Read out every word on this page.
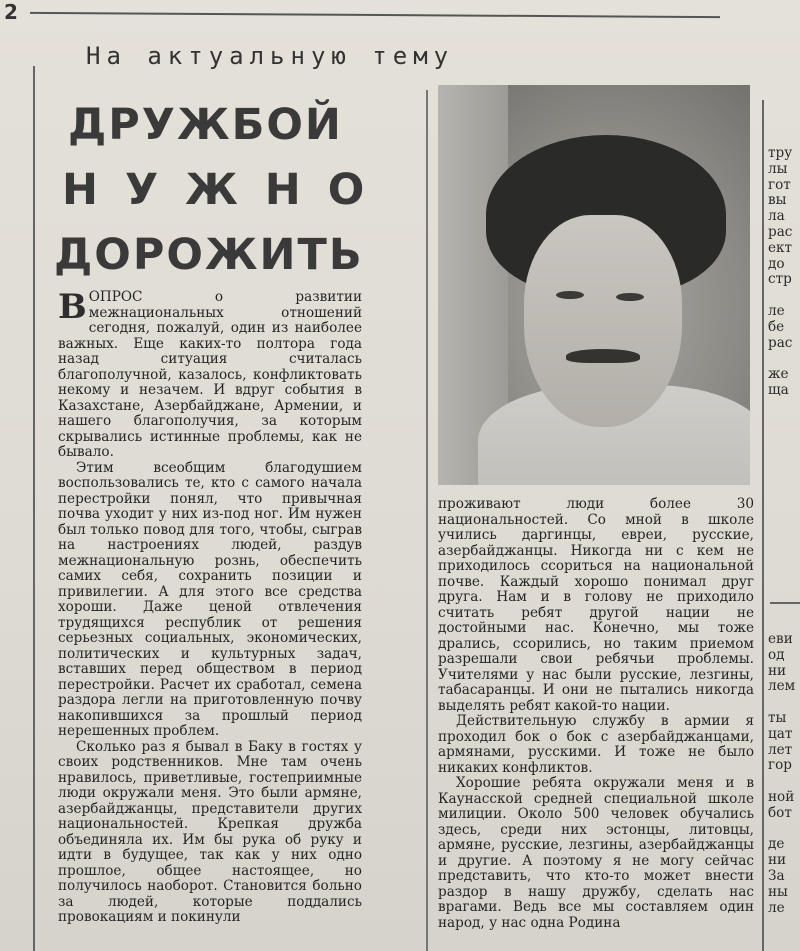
2
На актуальную тему
ДРУЖБОЙ
НУЖНО
ДОРОЖИТЬ

ВОПРОС о развитии межнациональных отношений сегодня, пожалуй, один из наиболее важных. Еще каких-то полтора года назад ситуация считалась благополучной, казалось, конфликтовать некому и незачем. И вдруг события в Казахстане, Азербайджане, Армении, и нашего благополучия, за которым скрывались истинные проблемы, как не бывало.

Этим всеобщим благодушием воспользовались те, кто с самого начала перестройки понял, что привычная почва уходит у них из-под ног. Им нужен был только повод для того, чтобы, сыграв на настроениях людей, раздув межнациональную рознь, обеспечить самих себя, сохранить позиции и привилегии. А для этого все средства хороши. Даже ценой отвлечения трудящихся республик от решения серьезных социальных, экономических, политических и культурных задач, вставших перед обществом в период перестройки. Расчет их сработал, семена раздора легли на приготовленную почву накопившихся за прошлый период нерешенных проблем.

Сколько раз я бывал в Баку в гостях у своих родственников. Мне там очень нравилось, приветливые, гостеприимные люди окружали меня. Это были армяне, азербайджанцы, представители других национальностей. Крепкая дружба объединяла их. Им бы рука об руку и идти в будущее, так как у них одно прошлое, общее настоящее, но получилось наоборот. Становится больно за людей, которые поддались провокациям и покинули

проживают люди более 30 национальностей. Со мной в школе учились даргинцы, евреи, русские, азербайджанцы. Никогда ни с кем не приходилось ссориться на национальной почве. Каждый хорошо понимал друг друга. Нам и в голову не приходило считать ребят другой нации не достойными нас. Конечно, мы тоже дрались, ссорились, но таким приемом разрешали свои ребячьи проблемы. Учителями у нас были русские, лезгины, табасаранцы. И они не пытались никогда выделять ребят какой-то нации.

Действительную службу в армии я проходил бок о бок с азербайджанцами, армянами, русскими. И тоже не было никаких конфликтов.

Хорошие ребята окружали меня и в Каунасской средней специальной школе милиции. Около 500 человек обучались здесь, среди них эстонцы, литовцы, армяне, русские, лезгины, азербайджанцы и другие. А поэтому я не могу сейчас представить, что кто-то может внести раздор в нашу дружбу, сделать нас врагами. Ведь все мы составляем один народ, у нас одна Родина

тру
лы
гот
вы
ла
рас
ект
до
стр

ле
бе
рас

же
ща
еви
од
ни
лем

ты
цат
лет
гор

ной
бот

де
ни
За
ны
ле
